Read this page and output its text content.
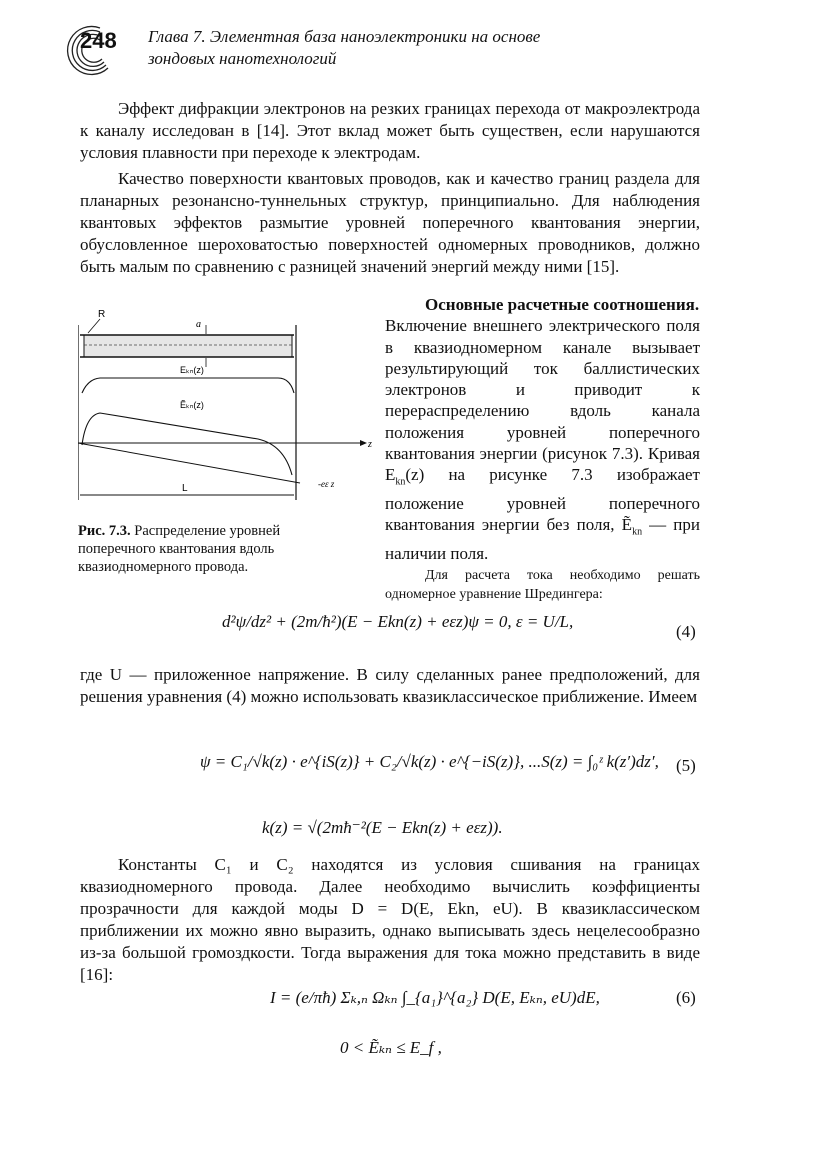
248 Глава 7. Элементная база наноэлектроники на основе
зондовых нанотехнологий

Эффект дифракции электронов на резких границах перехода от макроэлектрода к каналу исследован в [14]. Этот вклад может быть существен, если нарушаются условия плавности при переходе к электродам.

Качество поверхности квантовых проводов, как и качество границ раздела для планарных резонансно-туннельных структур, принципиально. Для наблюдения квантовых эффектов размытие уровней поперечного квантования энергии, обусловленное шероховатостью поверхностей одномерных проводников, должно быть малым по сравнению с разницей значений энергий между ними [15].

R
a
Eₖₙ(z)
Ẽₖₙ(z)
z
-eε z
L
Рис. 7.3. Распределение уровней поперечного квантования вдоль квазиодномерного провода.
Основные расчетные соотношения.

Включение внешнего электрического поля в квазиодномерном канале вызывает результирующий ток баллистических электронов и приводит к перераспределению вдоль канала положения уровней поперечного квантования энергии (рисунок 7.3). Кривая $E_{kn}(z)$ на рисунке 7.3 изображает положение уровней поперечного квантования энергии без поля, Ẽ$_{kn}$ — при наличии поля.

Для расчета тока необходимо решать одномерное уравнение Шредингера:

d²ψ/dz² + (2m/ħ²)(E − Ekn(z) + eεz)ψ = 0, ε = U/L,
(4)

где U — приложенное напряжение. В силу сделанных ранее предположений, для решения уравнения (4) можно использовать квазиклассическое приближение. Имеем

ψ = C₁/√k(z) · e^{iS(z)} + C₂/√k(z) · e^{−iS(z)}, ...S(z) = ∫₀ᶻ k(z′)dz′, (5)
k(z) = √(2mħ⁻²(E − Ekn(z) + eεz)).

Константы C₁ и C₂ находятся из условия сшивания на границах квазиодномерного провода. Далее необходимо вычислить коэффициенты прозрачности для каждой моды D = D(E, Ekn, eU). В квазиклассическом приближении их можно явно выразить, однако выписывать здесь нецелесообразно из-за большой громоздкости. Тогда выражения для тока можно представить в виде [16]:

I = (e/πħ) Σₖ,ₙ Ωₖₙ ∫_{a₁}^{a₂} D(E, Eₖₙ, eU)dE,	(6)
0 < Ẽₖₙ ≤ E_f ,
